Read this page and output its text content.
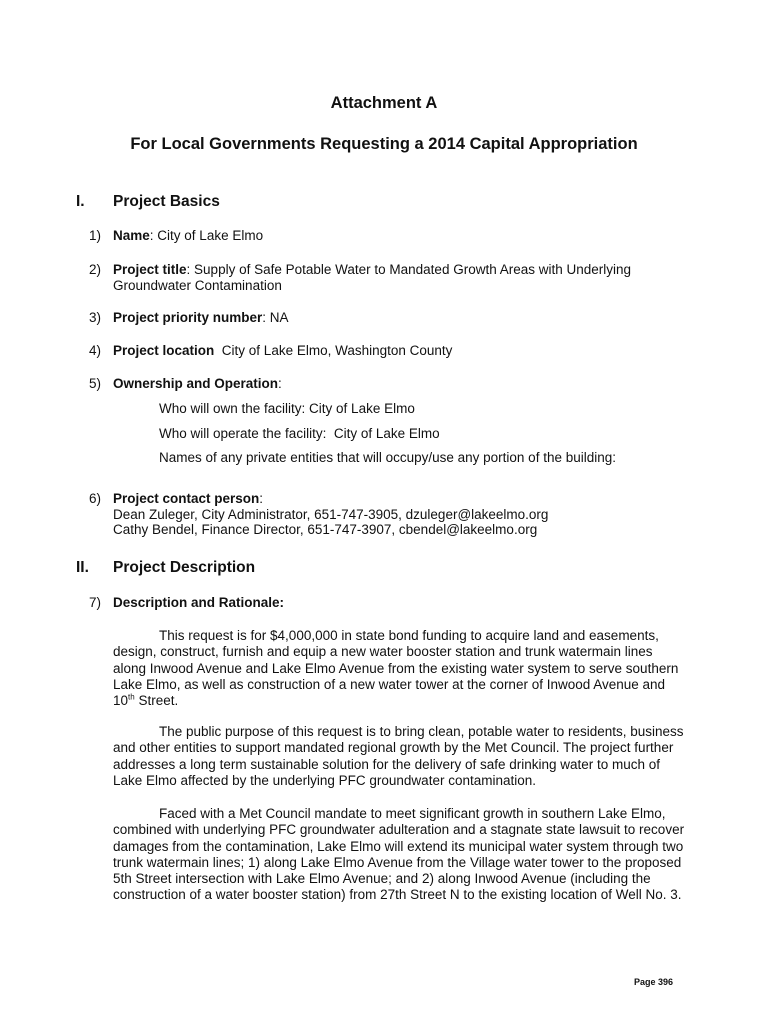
Attachment A
For Local Governments Requesting a 2014 Capital Appropriation
I. Project Basics
1) Name: City of Lake Elmo
2) Project title: Supply of Safe Potable Water to Mandated Growth Areas with Underlying Groundwater Contamination
3) Project priority number: NA
4) Project location City of Lake Elmo, Washington County
5) Ownership and Operation:
Who will own the facility: City of Lake Elmo
Who will operate the facility:  City of Lake Elmo
Names of any private entities that will occupy/use any portion of the building:
6) Project contact person:
Dean Zuleger, City Administrator, 651-747-3905, dzuleger@lakeelmo.org
Cathy Bendel, Finance Director, 651-747-3907, cbendel@lakeelmo.org
II. Project Description
7) Description and Rationale:
This request is for $4,000,000 in state bond funding to acquire land and easements, design, construct, furnish and equip a new water booster station and trunk watermain lines along Inwood Avenue and Lake Elmo Avenue from the existing water system to serve southern Lake Elmo, as well as construction of a new water tower at the corner of Inwood Avenue and 10th Street.
The public purpose of this request is to bring clean, potable water to residents, business and other entities to support mandated regional growth by the Met Council. The project further addresses a long term sustainable solution for the delivery of safe drinking water to much of Lake Elmo affected by the underlying PFC groundwater contamination.
Faced with a Met Council mandate to meet significant growth in southern Lake Elmo, combined with underlying PFC groundwater adulteration and a stagnate state lawsuit to recover damages from the contamination, Lake Elmo will extend its municipal water system through two trunk watermain lines; 1) along Lake Elmo Avenue from the Village water tower to the proposed 5th Street intersection with Lake Elmo Avenue; and 2) along Inwood Avenue (including the construction of a water booster station) from 27th Street N to the existing location of Well No. 3.
Page 396
